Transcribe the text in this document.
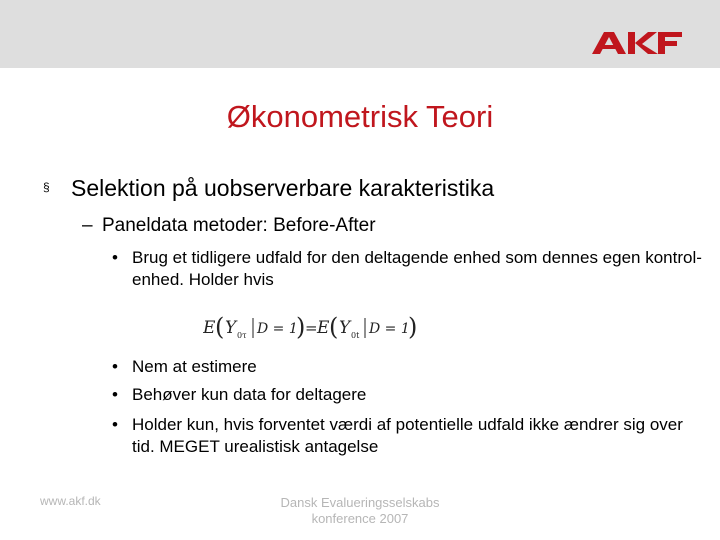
Økonometrisk Teori
§ Selektion på uobserverbare karakteristika
– Paneldata metoder: Before-After
• Brug et tidligere udfald for den deltagende enhed som dennes egen kontrol-enhed. Holder hvis
E ( Y 0τ D = 1
) = E ( Y 0t D = 1
)
• Nem at estimere
• Behøver kun data for deltagere
• Holder kun, hvis forventet værdi af potentielle udfald ikke ændrer sig over tid. MEGET urealistisk antagelse
www.akf.dk	Dansk Evalueringsselskabs
konference 2007
